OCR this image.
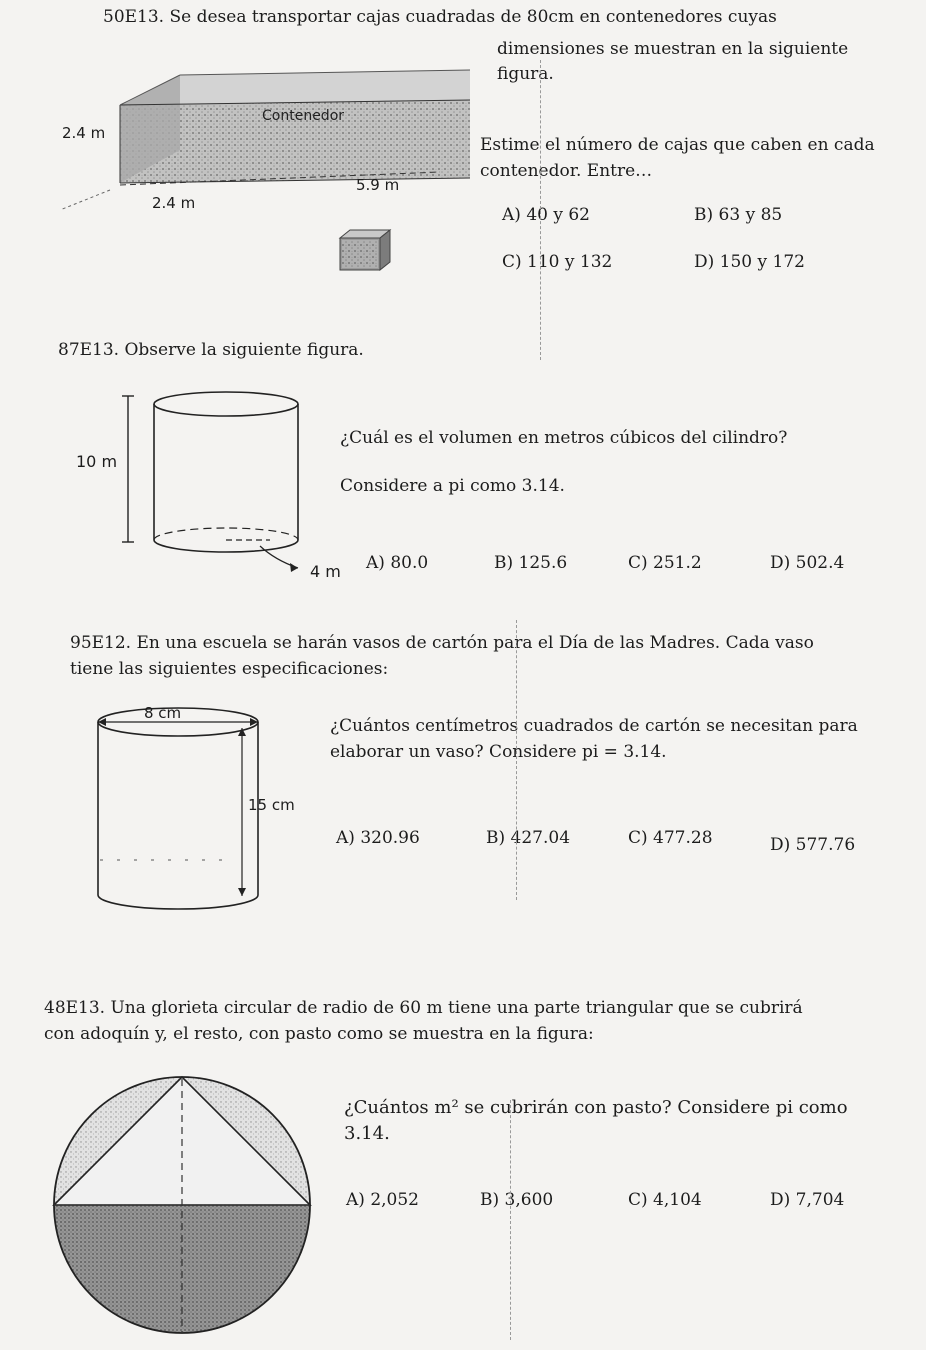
50E13. Se desea transportar cajas cuadradas de 80cm en contenedores cuyas
dimensiones se muestran en la siguiente
figura.
Contenedor
2.4 m
5.9 m
2.4 m
Estime el número de cajas que caben en cada
contenedor. Entre…
A) 40 y 62	B) 63 y 85
C) 110 y 132	D) 150 y 172
87E13. Observe la siguiente figura.
10 m
4 m
¿Cuál es el volumen en metros cúbicos del cilindro?
Considere a pi como 3.14.
A) 80.0	B) 125.6	C) 251.2	D) 502.4
95E12. En una escuela se harán vasos de cartón para el Día de las Madres. Cada vaso
tiene las siguientes especificaciones:
8 cm
15 cm
¿Cuántos centímetros cuadrados de cartón se necesitan para
elaborar un vaso? Considere pi = 3.14.
A) 320.96	B) 427.04	C) 477.28	D) 577.76
48E13. Una glorieta circular de radio de 60 m tiene una parte triangular que se cubrirá
con adoquín y, el resto, con pasto como se muestra en la figura:
¿Cuántos m² se cubrirán con pasto? Considere pi como
3.14.
A) 2,052	B) 3,600	C) 4,104	D) 7,704
